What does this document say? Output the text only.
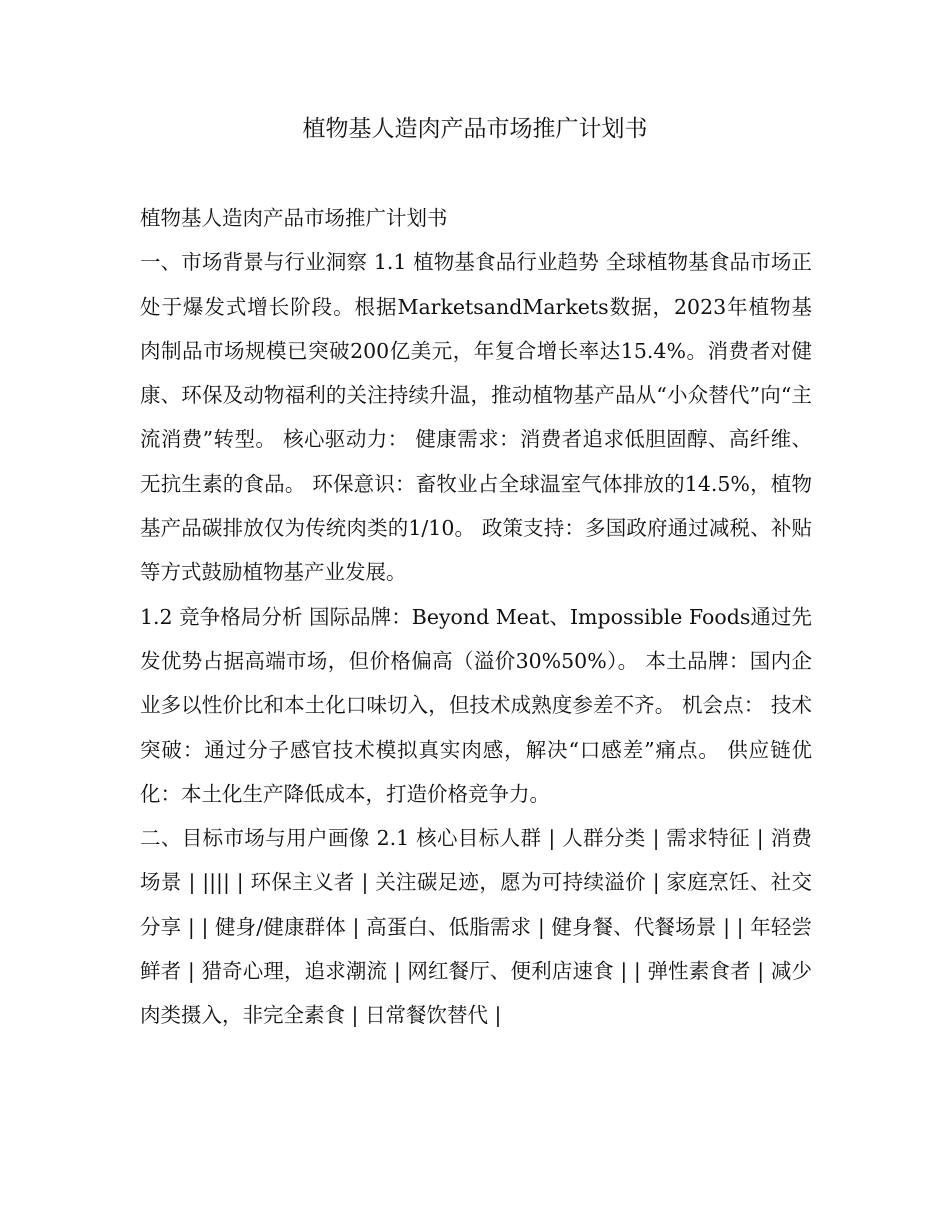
植物基人造肉产品市场推广计划书

植物基人造肉产品市场推广计划书

一、市场背景与行业洞察 1.1 植物基食品行业趋势 全球植物基食品市场正处于爆发式增长阶段。根据MarketsandMarkets数据，2023年植物基肉制品市场规模已突破200亿美元，年复合增长率达15.4%。消费者对健康、环保及动物福利的关注持续升温，推动植物基产品从“小众替代”向“主流消费”转型。 核心驱动力： 健康需求：消费者追求低胆固醇、高纤维、无抗生素的食品。 环保意识：畜牧业占全球温室气体排放的14.5%，植物基产品碳排放仅为传统肉类的1/10。 政策支持：多国政府通过减税、补贴等方式鼓励植物基产业发展。

1.2 竞争格局分析 国际品牌：Beyond Meat、Impossible Foods通过先发优势占据高端市场，但价格偏高（溢价30%50%）。 本土品牌：国内企业多以性价比和本土化口味切入，但技术成熟度参差不齐。 机会点： 技术突破：通过分子感官技术模拟真实肉感，解决“口感差”痛点。 供应链优化：本土化生产降低成本，打造价格竞争力。

二、目标市场与用户画像 2.1 核心目标人群 | 人群分类 | 需求特征 | 消费场景 | |||| | 环保主义者 | 关注碳足迹，愿为可持续溢价 | 家庭烹饪、社交分享 | | 健身/健康群体 | 高蛋白、低脂需求 | 健身餐、代餐场景 | | 年轻尝鲜者 | 猎奇心理，追求潮流 | 网红餐厅、便利店速食 | | 弹性素食者 | 减少肉类摄入，非完全素食 | 日常餐饮替代 |
